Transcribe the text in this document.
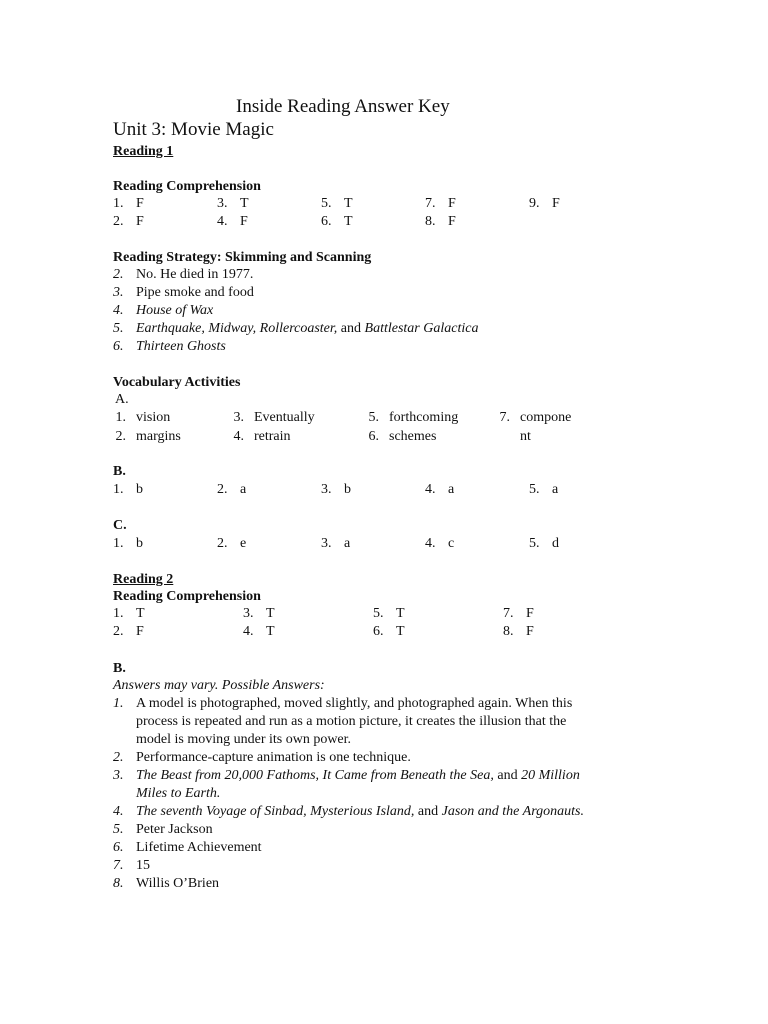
Inside Reading Answer Key
Unit 3: Movie Magic
Reading 1
Reading Comprehension
1. F	3. T	5. T	7. F	9. F
2. F	4. F	6. T	8. F
Reading Strategy: Skimming and Scanning
2. No. He died in 1977.
3. Pipe smoke and food
4. House of Wax
5. Earthquake, Midway, Rollercoaster, and Battlestar Galactica
6. Thirteen Ghosts
Vocabulary Activities
A.
1. vision	3. Eventually	5. forthcoming	7. compone
2. margins	4. retrain	6. schemes	nt
B.
1. b	2. a	3. b	4. a	5. a
C.
1. b	2. e	3. a	4. c	5. d
Reading 2
Reading Comprehension
1. T	3. T	5. T	7. F
2. F	4. T	6. T	8. F
B.
Answers may vary. Possible Answers:
1. A model is photographed, moved slightly, and photographed again. When this process is repeated and run as a motion picture, it creates the illusion that the model is moving under its own power.
2. Performance-capture animation is one technique.
3. The Beast from 20,000 Fathoms, It Came from Beneath the Sea, and 20 Million Miles to Earth.
4. The seventh Voyage of Sinbad, Mysterious Island, and Jason and the Argonauts.
5. Peter Jackson
6. Lifetime Achievement
7. 15
8. Willis O’Brien
